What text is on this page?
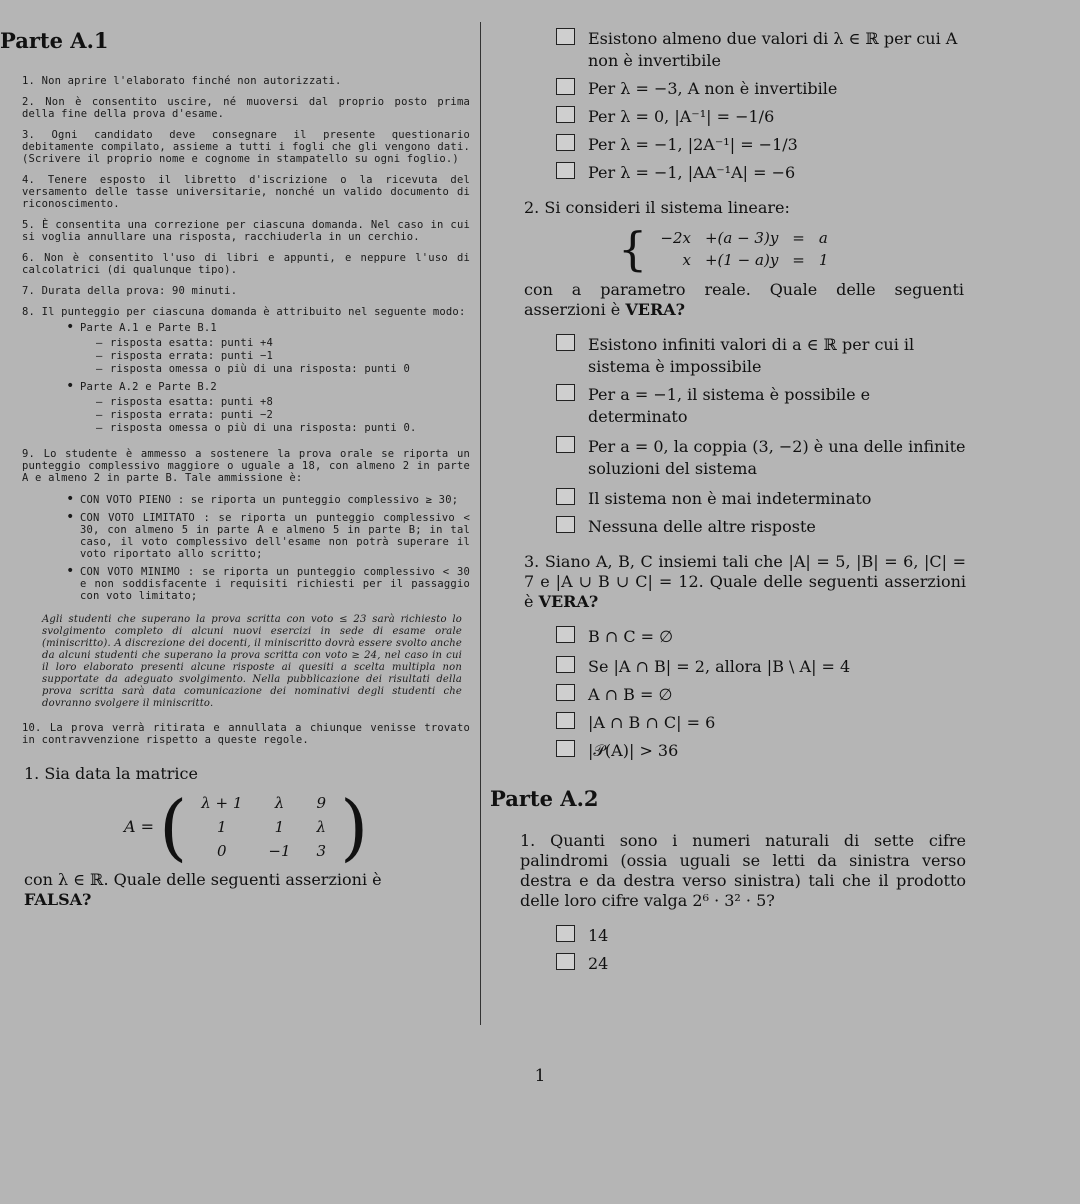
Parte A.1
1. Non aprire l'elaborato finché non autorizzati.
2. Non è consentito uscire, né muoversi dal proprio posto prima della fine della prova d'esame.
3. Ogni candidato deve consegnare il presente questionario debitamente compilato, assieme a tutti i fogli che gli vengono dati. (Scrivere il proprio nome e cognome in stampatello su ogni foglio.)
4. Tenere esposto il libretto d'iscrizione o la ricevuta del versamento delle tasse universitarie, nonché un valido documento di riconoscimento.
5. È consentita una correzione per ciascuna domanda. Nel caso in cui si voglia annullare una risposta, racchiuderla in un cerchio.
6. Non è consentito l'uso di libri e appunti, e neppure l'uso di calcolatrici (di qualunque tipo).
7. Durata della prova: 90 minuti.
8. Il punteggio per ciascuna domanda è attribuito nel seguente modo:
• Parte A.1 e Parte B.1
– risposta esatta: punti +4
– risposta errata: punti −1
– risposta omessa o più di una risposta: punti 0
• Parte A.2 e Parte B.2
– risposta esatta: punti +8
– risposta errata: punti −2
– risposta omessa o più di una risposta: punti 0.
9. Lo studente è ammesso a sostenere la prova orale se riporta un punteggio complessivo maggiore o uguale a 18, con almeno 2 in parte A e almeno 2 in parte B. Tale ammissione è:
• CON VOTO PIENO : se riporta un punteggio complessivo ≥ 30;
• CON VOTO LIMITATO : se riporta un punteggio complessivo < 30, con almeno 5 in parte A e almeno 5 in parte B; in tal caso, il voto complessivo dell'esame non potrà superare il voto riportato allo scritto;
• CON VOTO MINIMO : se riporta un punteggio complessivo < 30 e non soddisfacente i requisiti richiesti per il passaggio con voto limitato;
Agli studenti che superano la prova scritta con voto ≤ 23 sarà richiesto lo svolgimento completo di alcuni nuovi esercizi in sede di esame orale (miniscritto). A discrezione dei docenti, il miniscritto dovrà essere svolto anche da alcuni studenti che superano la prova scritta con voto ≥ 24, nel caso in cui il loro elaborato presenti alcune risposte ai quesiti a scelta multipla non supportate da adeguato svolgimento. Nella pubblicazione dei risultati della prova scritta sarà data comunicazione dei nominativi degli studenti che dovranno svolgere il miniscritto.
10. La prova verrà ritirata e annullata a chiunque venisse trovato in contravvenzione rispetto a queste regole.
1. Sia data la matrice
A = ( λ + 1	λ	9
1	1	λ
0	−1	3 )
con λ ∈ ℝ. Quale delle seguenti asserzioni è
FALSA?
Esistono almeno due valori di λ ∈ ℝ per cui A non è invertibile
Per λ = −3, A non è invertibile
Per λ = 0, |A⁻¹| = −1/6
Per λ = −1, |2A⁻¹| = −1/3
Per λ = −1, |AA⁻¹A| = −6
2. Si consideri il sistema lineare:
{ −2x	+(a − 3)y	=	a
x	+(1 − a)y	=	1
con a parametro reale. Quale delle seguenti asserzioni è VERA?
Esistono infiniti valori di a ∈ ℝ per cui il sistema è impossibile
Per a = −1, il sistema è possibile e determinato
Per a = 0, la coppia (3, −2) è una delle infinite soluzioni del sistema
Il sistema non è mai indeterminato
Nessuna delle altre risposte
3. Siano A, B, C insiemi tali che |A| = 5, |B| = 6, |C| = 7 e |A ∪ B ∪ C| = 12. Quale delle seguenti asserzioni è VERA?
B ∩ C = ∅
Se |A ∩ B| = 2, allora |B \ A| = 4
A ∩ B = ∅
|A ∩ B ∩ C| = 6
|𝒫(A)| > 36
Parte A.2
1. Quanti sono i numeri naturali di sette cifre palindromi (ossia uguali se letti da sinistra verso destra e da destra verso sinistra) tali che il prodotto delle loro cifre valga 2⁶ · 3² · 5?
14
24
1
